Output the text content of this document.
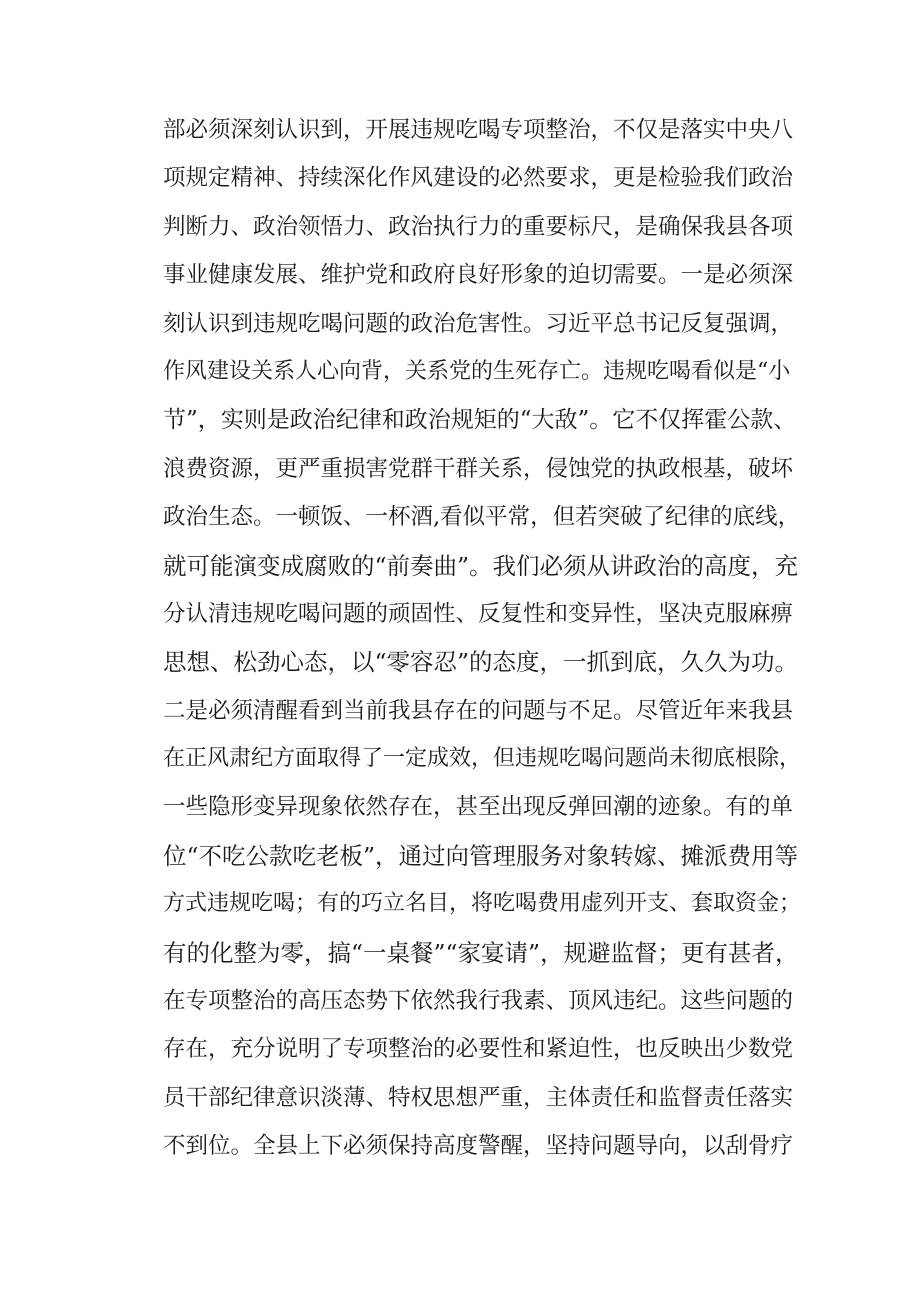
部必须深刻认识到，开展违规吃喝专项整治，不仅是落实中央八
项规定精神、持续深化作风建设的必然要求，更是检验我们政治
判断力、政治领悟力、政治执行力的重要标尺，是确保我县各项
事业健康发展、维护党和政府良好形象的迫切需要。一是必须深
刻认识到违规吃喝问题的政治危害性。习近平总书记反复强调，
作风建设关系人心向背，关系党的生死存亡。违规吃喝看似是“小
节”，实则是政治纪律和政治规矩的“大敌”。它不仅挥霍公款、
浪费资源，更严重损害党群干群关系，侵蚀党的执政根基，破坏
政治生态。一顿饭、一杯酒,看似平常，但若突破了纪律的底线，
就可能演变成腐败的“前奏曲”。我们必须从讲政治的高度，充
分认清违规吃喝问题的顽固性、反复性和变异性，坚决克服麻痹
思想、松劲心态，以“零容忍”的态度，一抓到底，久久为功。
二是必须清醒看到当前我县存在的问题与不足。尽管近年来我县
在正风肃纪方面取得了一定成效，但违规吃喝问题尚未彻底根除，
一些隐形变异现象依然存在，甚至出现反弹回潮的迹象。有的单
位“不吃公款吃老板”，通过向管理服务对象转嫁、摊派费用等
方式违规吃喝；有的巧立名目，将吃喝费用虚列开支、套取资金；
有的化整为零，搞“一桌餐”“家宴请”，规避监督；更有甚者，
在专项整治的高压态势下依然我行我素、顶风违纪。这些问题的
存在，充分说明了专项整治的必要性和紧迫性，也反映出少数党
员干部纪律意识淡薄、特权思想严重，主体责任和监督责任落实
不到位。全县上下必须保持高度警醒，坚持问题导向，以刮骨疗
